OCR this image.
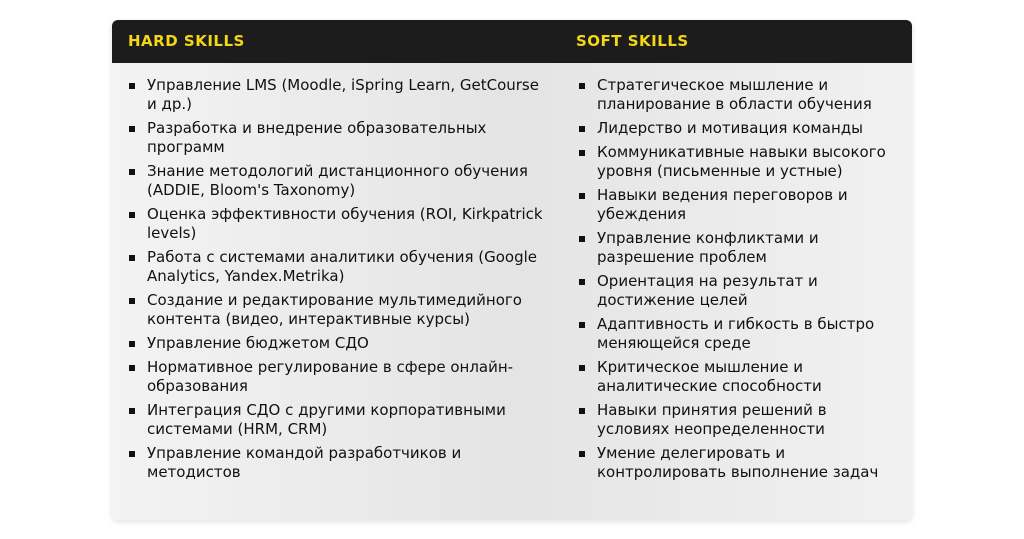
HARD SKILLS	SOFT SKILLS
Управление LMS (Moodle, iSpring Learn, GetCourse и др.)
Разработка и внедрение образовательных программ
Знание методологий дистанционного обучения (ADDIE, Bloom's Taxonomy)
Оценка эффективности обучения (ROI, Kirkpatrick levels)
Работа с системами аналитики обучения (Google Analytics, Yandex.Metrika)
Создание и редактирование мультимедийного контента (видео, интерактивные курсы)
Управление бюджетом СДО
Нормативное регулирование в сфере онлайн-образования
Интеграция СДО с другими корпоративными системами (HRM, CRM)
Управление командой разработчиков и методистов
Стратегическое мышление и планирование в области обучения
Лидерство и мотивация команды
Коммуникативные навыки высокого уровня (письменные и устные)
Навыки ведения переговоров и убеждения
Управление конфликтами и разрешение проблем
Ориентация на результат и достижение целей
Адаптивность и гибкость в быстро меняющейся среде
Критическое мышление и аналитические способности
Навыки принятия решений в условиях неопределенности
Умение делегировать и контролировать выполнение задач
